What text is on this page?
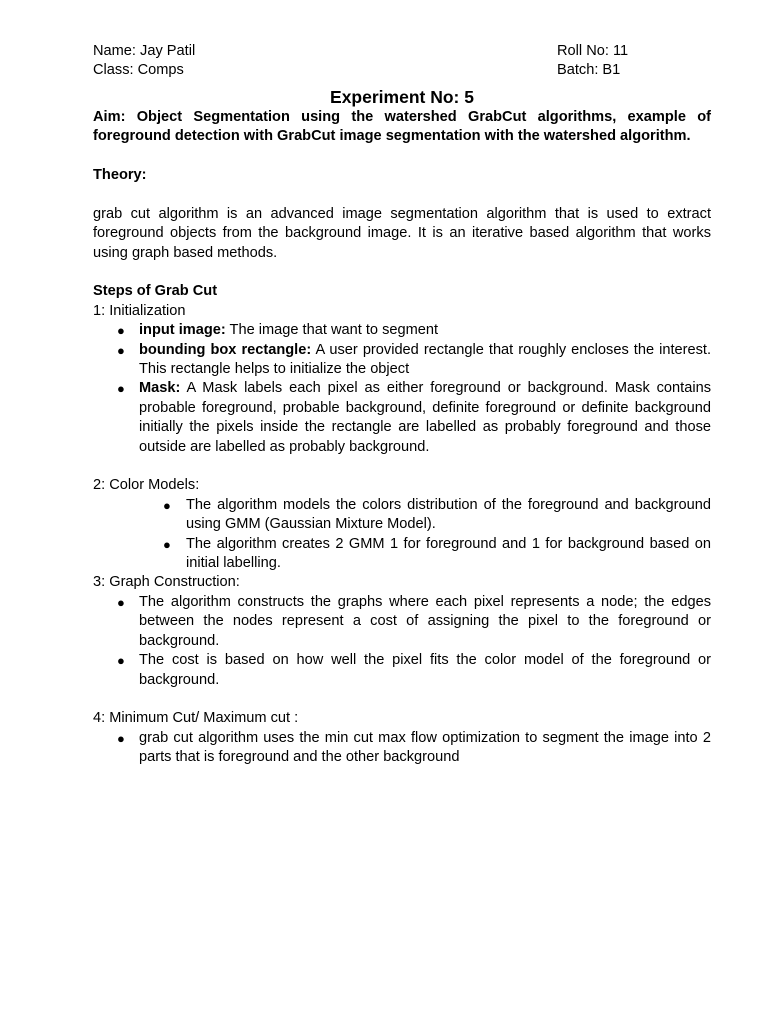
Name: Jay Patil	Roll No: 11
Class: Comps	Batch: B1
Experiment No: 5

Aim: Object Segmentation using the watershed GrabCut algorithms, example of foreground detection with GrabCut image segmentation with the watershed algorithm.

Theory:

grab cut algorithm is an advanced image segmentation algorithm that is used to extract foreground objects from the background image. It is an iterative based algorithm that works using graph based methods.

Steps of Grab Cut

1: Initialization

● input image: The image that want to segment
● bounding box rectangle: A user provided rectangle that roughly encloses the interest. This rectangle helps to initialize the object
● Mask: A Mask labels each pixel as either foreground or background. Mask contains probable foreground, probable background, definite foreground or definite background initially the pixels inside the rectangle are labelled as probably foreground and those outside are labelled as probably background.

2: Color Models:

● The algorithm models the colors distribution of the foreground and background using GMM (Gaussian Mixture Model).
● The algorithm creates 2 GMM 1 for foreground and 1 for background based on initial labelling.

3: Graph Construction:

● The algorithm constructs the graphs where each pixel represents a node; the edges between the nodes represent a cost of assigning the pixel to the foreground or background.
● The cost is based on how well the pixel fits the color model of the foreground or background.

4: Minimum Cut/ Maximum cut :

● grab cut algorithm uses the min cut max flow optimization to segment the image into 2 parts that is foreground and the other background
